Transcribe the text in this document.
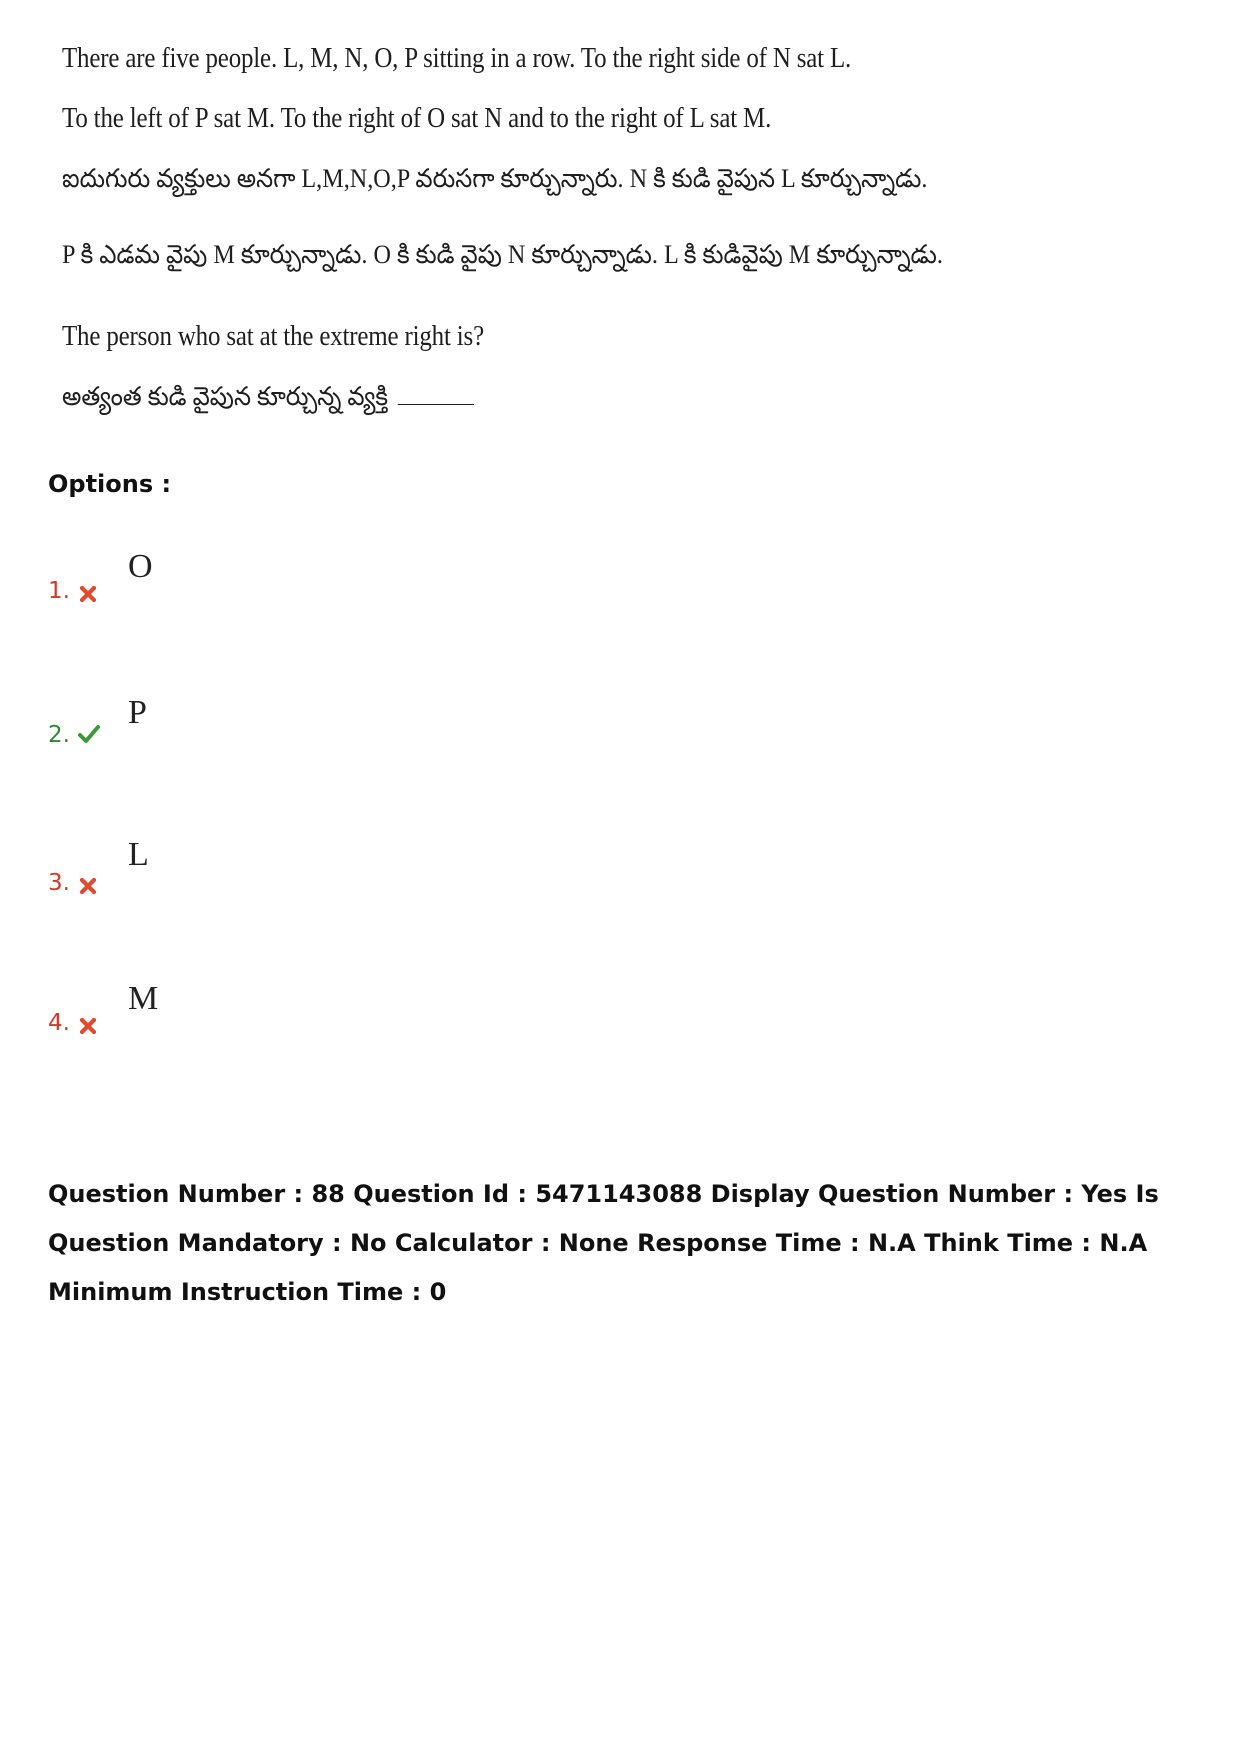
There are five people. L, M, N, O, P sitting in a row. To the right side of N sat L.

To the left of P sat M. To the right of O sat N and to the right of L sat M.

ఐదుగురు వ్యక్తులు అనగా L,M,N,O,P వరుసగా కూర్చున్నారు. N కి కుడి వైపున L కూర్చున్నాడు.

P కి ఎడమ వైపు M కూర్చున్నాడు. O కి కుడి వైపు N కూర్చున్నాడు. L కి కుడివైపు M కూర్చున్నాడు.

The person who sat at the extreme right is?

అత్యంత కుడి వైపున కూర్చున్న వ్యక్తి

Options :

1.
O
2.
P
3.
L
4.
M

Question Number : 88 Question Id : 5471143088 Display Question Number : Yes Is Question Mandatory : No Calculator : None Response Time : N.A Think Time : N.A Minimum Instruction Time : 0
